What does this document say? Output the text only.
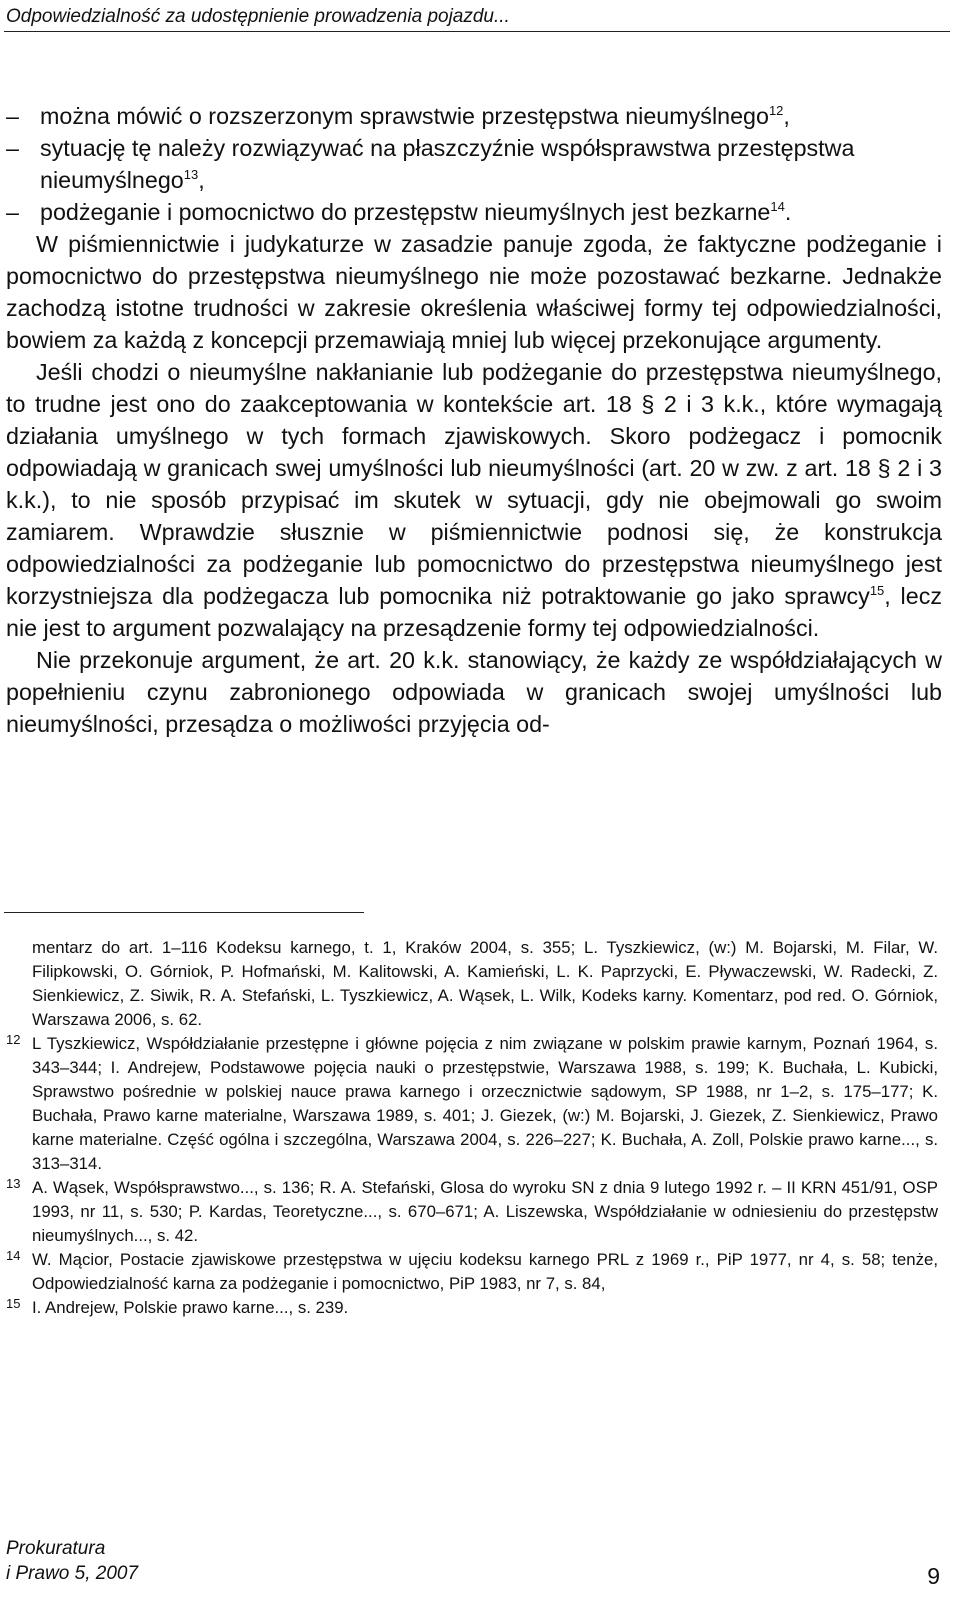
Odpowiedzialność za udostępnienie prowadzenia pojazdu...
– można mówić o rozszerzonym sprawstwie przestępstwa nieumyślnego$^{12}$,
– sytuację tę należy rozwiązywać na płaszczyźnie współsprawstwa przestępstwa nieumyślnego$^{13}$,
– podżeganie i pomocnictwo do przestępstw nieumyślnych jest bezkarne$^{14}$.

W piśmiennictwie i judykaturze w zasadzie panuje zgoda, że faktyczne podżeganie i pomocnictwo do przestępstwa nieumyślnego nie może pozostawać bezkarne. Jednakże zachodzą istotne trudności w zakresie określenia właściwej formy tej odpowiedzialności, bowiem za każdą z koncepcji przemawiają mniej lub więcej przekonujące argumenty.

Jeśli chodzi o nieumyślne nakłanianie lub podżeganie do przestępstwa nieumyślnego, to trudne jest ono do zaakceptowania w kontekście art. 18 § 2 i 3 k.k., które wymagają działania umyślnego w tych formach zjawiskowych. Skoro podżegacz i pomocnik odpowiadają w granicach swej umyślności lub nieumyślności (art. 20 w zw. z art. 18 § 2 i 3 k.k.), to nie sposób przypisać im skutek w sytuacji, gdy nie obejmowali go swoim zamiarem. Wprawdzie słusznie w piśmiennictwie podnosi się, że konstrukcja odpowiedzialności za podżeganie lub pomocnictwo do przestępstwa nieumyślnego jest korzystniejsza dla podżegacza lub pomocnika niż potraktowanie go jako sprawcy$^{15}$, lecz nie jest to argument pozwalający na przesądzenie formy tej odpowiedzialności.

Nie przekonuje argument, że art. 20 k.k. stanowiący, że każdy ze współdziałających w popełnieniu czynu zabronionego odpowiada w granicach swojej umyślności lub nieumyślności, przesądza o możliwości przyjęcia od-

mentarz do art. 1–116 Kodeksu karnego, t. 1, Kraków 2004, s. 355; L. Tyszkiewicz, (w:) M. Bojarski, M. Filar, W. Filipkowski, O. Górniok, P. Hofmański, M. Kalitowski, A. Kamieński, L. K. Paprzycki, E. Pływaczewski, W. Radecki, Z. Sienkiewicz, Z. Siwik, R. A. Stefański, L. Tyszkiewicz, A. Wąsek, L. Wilk, Kodeks karny. Komentarz, pod red. O. Górniok, Warszawa 2006, s. 62.
12 L Tyszkiewicz, Współdziałanie przestępne i główne pojęcia z nim związane w polskim prawie karnym, Poznań 1964, s. 343–344; I. Andrejew, Podstawowe pojęcia nauki o przestępstwie, Warszawa 1988, s. 199; K. Buchała, L. Kubicki, Sprawstwo pośrednie w polskiej nauce prawa karnego i orzecznictwie sądowym, SP 1988, nr 1–2, s. 175–177; K. Buchała, Prawo karne materialne, Warszawa 1989, s. 401; J. Giezek, (w:) M. Bojarski, J. Giezek, Z. Sienkiewicz, Prawo karne materialne. Część ogólna i szczególna, Warszawa 2004, s. 226–227; K. Buchała, A. Zoll, Polskie prawo karne..., s. 313–314.
13 A. Wąsek, Współsprawstwo..., s. 136; R. A. Stefański, Glosa do wyroku SN z dnia 9 lutego 1992 r. – II KRN 451/91, OSP 1993, nr 11, s. 530; P. Kardas, Teoretyczne..., s. 670–671; A. Liszewska, Współdziałanie w odniesieniu do przestępstw nieumyślnych..., s. 42.
14 W. Mącior, Postacie zjawiskowe przestępstwa w ujęciu kodeksu karnego PRL z 1969 r., PiP 1977, nr 4, s. 58; tenże, Odpowiedzialność karna za podżeganie i pomocnictwo, PiP 1983, nr 7, s. 84,
15 I. Andrejew, Polskie prawo karne..., s. 239.
Prokuratura
i Prawo 5, 2007	9
